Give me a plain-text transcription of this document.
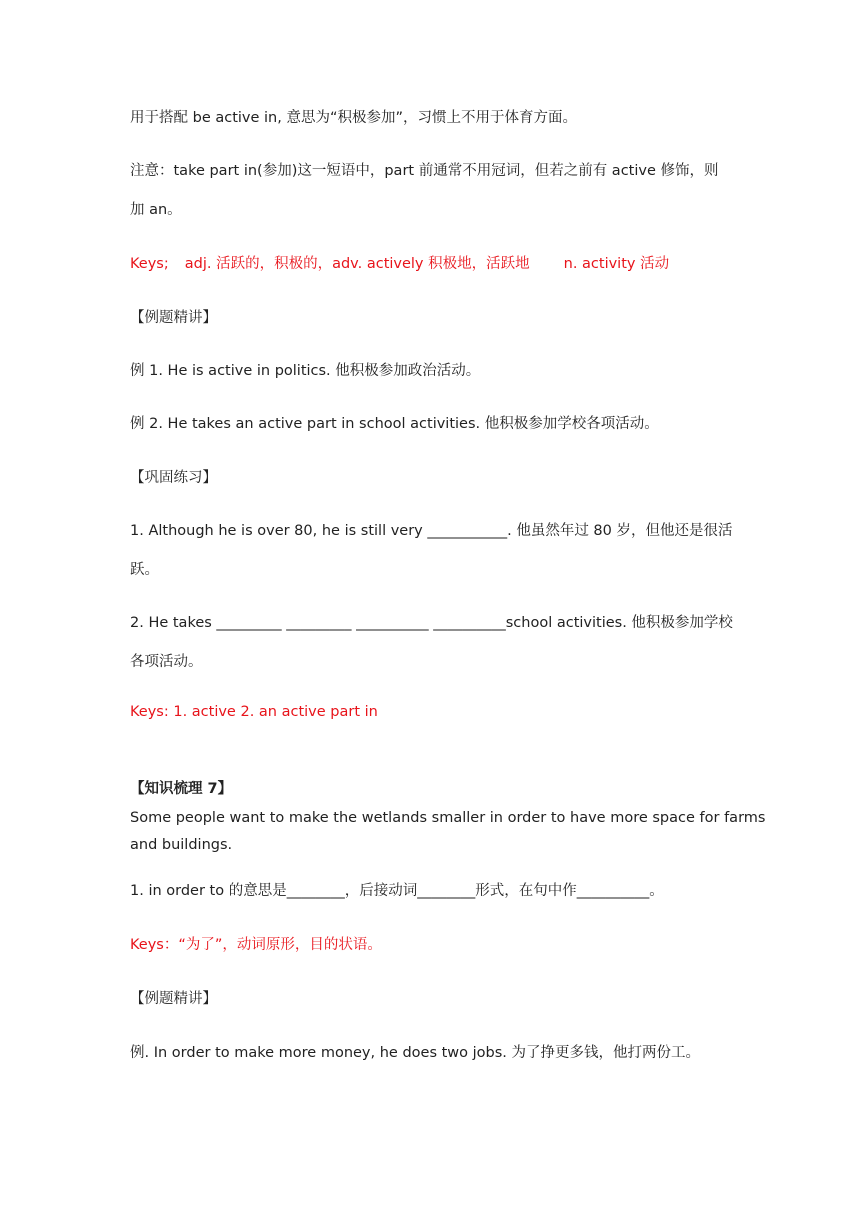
用于搭配 be active in, 意思为“积极参加”，习惯上不用于体育方面。
注意：take part in(参加)这一短语中，part 前通常不用冠词，但若之前有 active 修饰，则
加 an。
Keys; adj. 活跃的，积极的，adv. actively 积极地，活跃地 n. activity 活动
【例题精讲】
例 1. He is active in politics. 他积极参加政治活动。
例 2. He takes an active part in school activities. 他积极参加学校各项活动。
【巩固练习】
1. Although he is over 80, he is still very ___________. 他虽然年过 80 岁，但他还是很活
跃。
2. He takes _________ _________ __________ __________school activities. 他积极参加学校
各项活动。
Keys: 1. active 2. an active part in
【知识梳理 7】
Some people want to make the wetlands smaller in order to have more space for farms
and buildings.
1. in order to 的意思是________，后接动词________形式，在句中作__________。
Keys：“为了”，动词原形，目的状语。
【例题精讲】
例. In order to make more money, he does two jobs. 为了挣更多钱，他打两份工。
